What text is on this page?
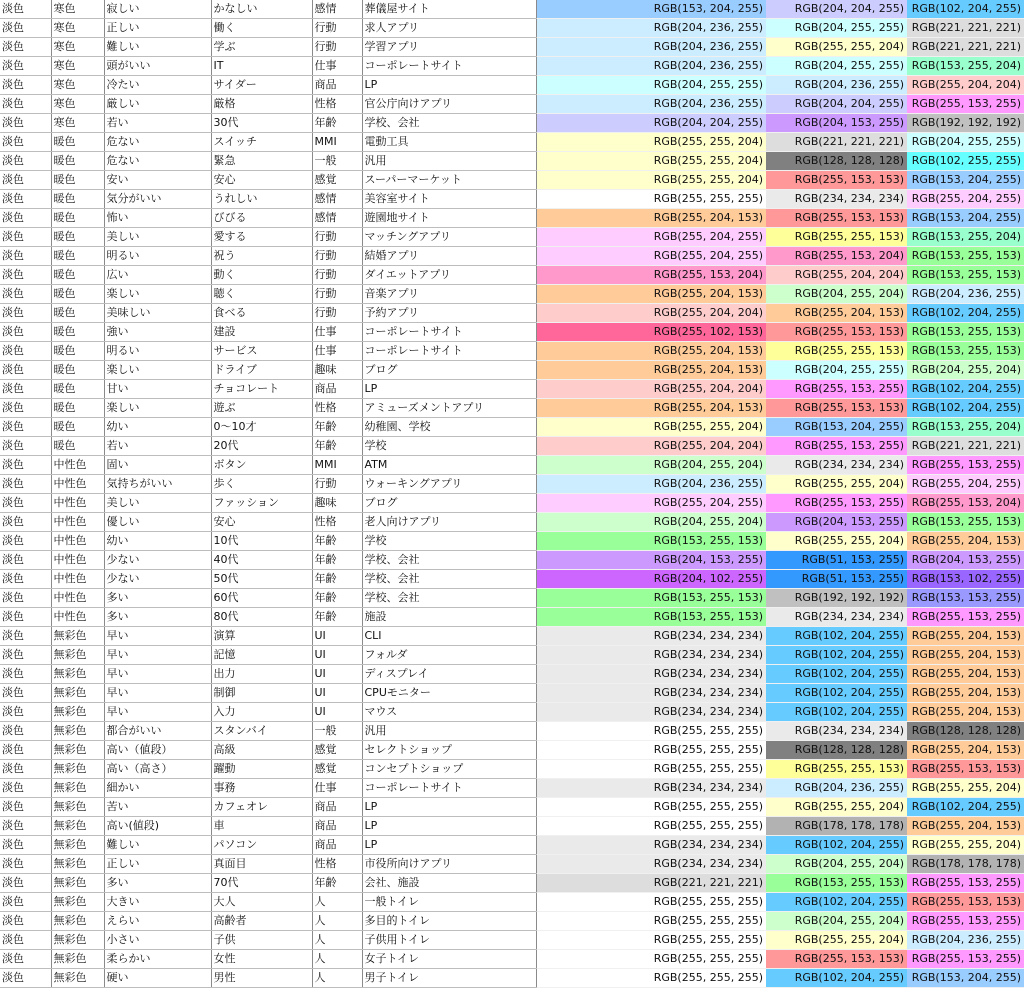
淡色	寒色	寂しい	かなしい	感情	葬儀屋サイト	RGB(153, 204, 255)	RGB(204, 204, 255)	RGB(102, 204, 255)
淡色	寒色	正しい	働く	行動	求人アプリ	RGB(204, 236, 255)	RGB(204, 255, 255)	RGB(221, 221, 221)
淡色	寒色	難しい	学ぶ	行動	学習アプリ	RGB(204, 236, 255)	RGB(255, 255, 204)	RGB(221, 221, 221)
淡色	寒色	頭がいい	IT	仕事	コーポレートサイト	RGB(204, 236, 255)	RGB(204, 255, 255)	RGB(153, 255, 204)
淡色	寒色	冷たい	サイダー	商品	LP	RGB(204, 255, 255)	RGB(204, 236, 255)	RGB(255, 204, 204)
淡色	寒色	厳しい	厳格	性格	官公庁向けアプリ	RGB(204, 236, 255)	RGB(204, 204, 255)	RGB(255, 153, 255)
淡色	寒色	若い	30代	年齢	学校、会社	RGB(204, 204, 255)	RGB(204, 153, 255)	RGB(192, 192, 192)
淡色	暖色	危ない	スイッチ	MMI	電動工具	RGB(255, 255, 204)	RGB(221, 221, 221)	RGB(204, 255, 255)
淡色	暖色	危ない	緊急	一般	汎用	RGB(255, 255, 204)	RGB(128, 128, 128)	RGB(102, 255, 255)
淡色	暖色	安い	安心	感覚	スーパーマーケット	RGB(255, 255, 204)	RGB(255, 153, 153)	RGB(153, 204, 255)
淡色	暖色	気分がいい	うれしい	感情	美容室サイト	RGB(255, 255, 255)	RGB(234, 234, 234)	RGB(255, 204, 255)
淡色	暖色	怖い	びびる	感情	遊園地サイト	RGB(255, 204, 153)	RGB(255, 153, 153)	RGB(153, 204, 255)
淡色	暖色	美しい	愛する	行動	マッチングアプリ	RGB(255, 204, 255)	RGB(255, 255, 153)	RGB(153, 255, 204)
淡色	暖色	明るい	祝う	行動	結婚アプリ	RGB(255, 204, 255)	RGB(255, 153, 204)	RGB(153, 255, 153)
淡色	暖色	広い	動く	行動	ダイエットアプリ	RGB(255, 153, 204)	RGB(255, 204, 204)	RGB(153, 255, 153)
淡色	暖色	楽しい	聴く	行動	音楽アプリ	RGB(255, 204, 153)	RGB(204, 255, 204)	RGB(204, 236, 255)
淡色	暖色	美味しい	食べる	行動	予約アプリ	RGB(255, 204, 204)	RGB(255, 204, 153)	RGB(102, 204, 255)
淡色	暖色	強い	建設	仕事	コーポレートサイト	RGB(255, 102, 153)	RGB(255, 153, 153)	RGB(153, 255, 153)
淡色	暖色	明るい	サービス	仕事	コーポレートサイト	RGB(255, 204, 153)	RGB(255, 255, 153)	RGB(153, 255, 153)
淡色	暖色	楽しい	ドライブ	趣味	ブログ	RGB(255, 204, 153)	RGB(204, 255, 255)	RGB(204, 255, 204)
淡色	暖色	甘い	チョコレート	商品	LP	RGB(255, 204, 204)	RGB(255, 153, 255)	RGB(102, 204, 255)
淡色	暖色	楽しい	遊ぶ	性格	アミューズメントアプリ	RGB(255, 204, 153)	RGB(255, 153, 153)	RGB(102, 204, 255)
淡色	暖色	幼い	0〜10才	年齢	幼稚園、学校	RGB(255, 255, 204)	RGB(153, 204, 255)	RGB(153, 255, 204)
淡色	暖色	若い	20代	年齢	学校	RGB(255, 204, 204)	RGB(255, 153, 255)	RGB(221, 221, 221)
淡色	中性色	固い	ボタン	MMI	ATM	RGB(204, 255, 204)	RGB(234, 234, 234)	RGB(255, 153, 255)
淡色	中性色	気持ちがいい	歩く	行動	ウォーキングアプリ	RGB(204, 236, 255)	RGB(255, 255, 204)	RGB(255, 204, 255)
淡色	中性色	美しい	ファッション	趣味	ブログ	RGB(255, 204, 255)	RGB(255, 153, 255)	RGB(255, 153, 204)
淡色	中性色	優しい	安心	性格	老人向けアプリ	RGB(204, 255, 204)	RGB(204, 153, 255)	RGB(153, 255, 153)
淡色	中性色	幼い	10代	年齢	学校	RGB(153, 255, 153)	RGB(255, 255, 204)	RGB(255, 204, 153)
淡色	中性色	少ない	40代	年齢	学校、会社	RGB(204, 153, 255)	RGB(51, 153, 255)	RGB(204, 153, 255)
淡色	中性色	少ない	50代	年齢	学校、会社	RGB(204, 102, 255)	RGB(51, 153, 255)	RGB(153, 102, 255)
淡色	中性色	多い	60代	年齢	学校、会社	RGB(153, 255, 153)	RGB(192, 192, 192)	RGB(153, 153, 255)
淡色	中性色	多い	80代	年齢	施設	RGB(153, 255, 153)	RGB(234, 234, 234)	RGB(255, 153, 255)
淡色	無彩色	早い	演算	UI	CLI	RGB(234, 234, 234)	RGB(102, 204, 255)	RGB(255, 204, 153)
淡色	無彩色	早い	記憶	UI	フォルダ	RGB(234, 234, 234)	RGB(102, 204, 255)	RGB(255, 204, 153)
淡色	無彩色	早い	出力	UI	ディスプレイ	RGB(234, 234, 234)	RGB(102, 204, 255)	RGB(255, 204, 153)
淡色	無彩色	早い	制御	UI	CPUモニター	RGB(234, 234, 234)	RGB(102, 204, 255)	RGB(255, 204, 153)
淡色	無彩色	早い	入力	UI	マウス	RGB(234, 234, 234)	RGB(102, 204, 255)	RGB(255, 204, 153)
淡色	無彩色	都合がいい	スタンバイ	一般	汎用	RGB(255, 255, 255)	RGB(234, 234, 234)	RGB(128, 128, 128)
淡色	無彩色	高い（値段）	高級	感覚	セレクトショップ	RGB(255, 255, 255)	RGB(128, 128, 128)	RGB(255, 204, 153)
淡色	無彩色	高い（高さ）	躍動	感覚	コンセプトショップ	RGB(255, 255, 255)	RGB(255, 255, 153)	RGB(255, 153, 153)
淡色	無彩色	細かい	事務	仕事	コーポレートサイト	RGB(234, 234, 234)	RGB(204, 236, 255)	RGB(255, 255, 204)
淡色	無彩色	苦い	カフェオレ	商品	LP	RGB(255, 255, 255)	RGB(255, 255, 204)	RGB(102, 204, 255)
淡色	無彩色	高い(値段)	車	商品	LP	RGB(255, 255, 255)	RGB(178, 178, 178)	RGB(255, 204, 153)
淡色	無彩色	難しい	パソコン	商品	LP	RGB(234, 234, 234)	RGB(102, 204, 255)	RGB(255, 255, 204)
淡色	無彩色	正しい	真面目	性格	市役所向けアプリ	RGB(234, 234, 234)	RGB(204, 255, 204)	RGB(178, 178, 178)
淡色	無彩色	多い	70代	年齢	会社、施設	RGB(221, 221, 221)	RGB(153, 255, 153)	RGB(255, 153, 255)
淡色	無彩色	大きい	大人	人	一般トイレ	RGB(255, 255, 255)	RGB(102, 204, 255)	RGB(255, 153, 153)
淡色	無彩色	えらい	高齢者	人	多目的トイレ	RGB(255, 255, 255)	RGB(204, 255, 204)	RGB(255, 153, 255)
淡色	無彩色	小さい	子供	人	子供用トイレ	RGB(255, 255, 255)	RGB(255, 255, 204)	RGB(204, 236, 255)
淡色	無彩色	柔らかい	女性	人	女子トイレ	RGB(255, 255, 255)	RGB(255, 153, 153)	RGB(255, 153, 255)
淡色	無彩色	硬い	男性	人	男子トイレ	RGB(255, 255, 255)	RGB(102, 204, 255)	RGB(153, 204, 255)
